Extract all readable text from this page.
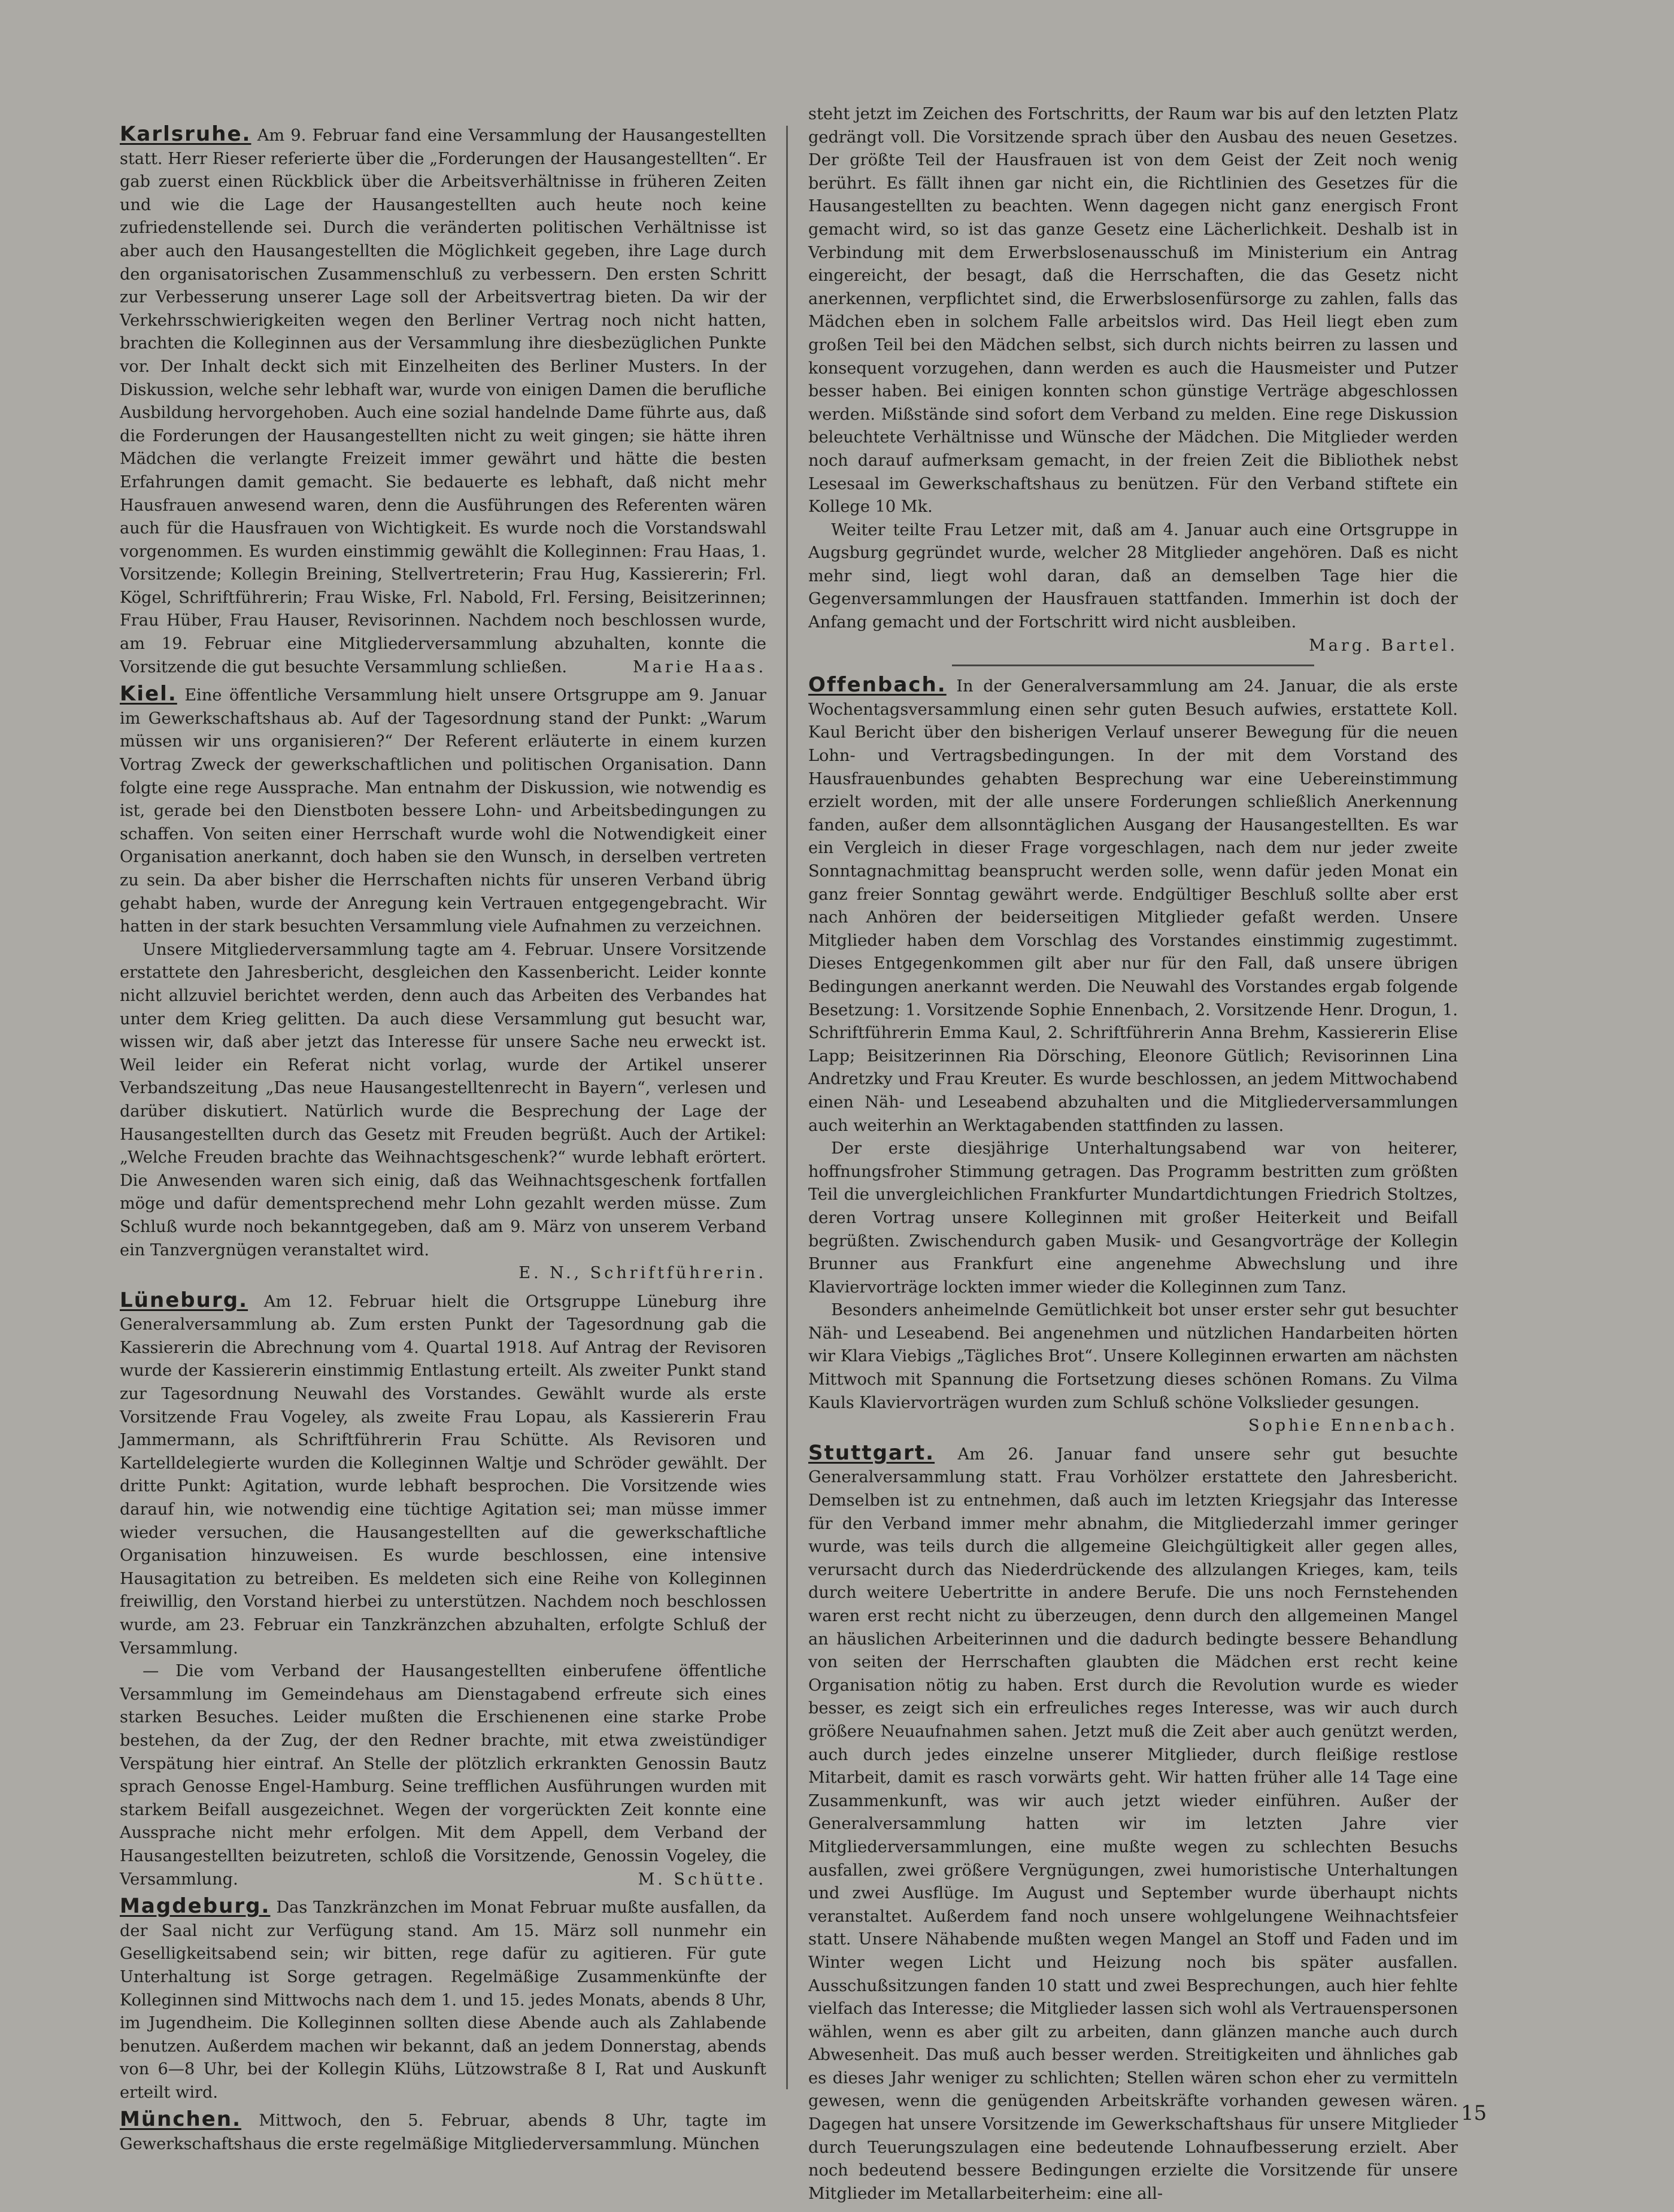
Karlsruhe. Am 9. Februar fand eine Versammlung der Hausangestellten statt. Herr Rieser referierte über die „Forderungen der Hausangestellten“. Er gab zuerst einen Rückblick über die Arbeitsverhältnisse in früheren Zeiten und wie die Lage der Hausangestellten auch heute noch keine zufriedenstellende sei. Durch die veränderten politischen Verhältnisse ist aber auch den Hausangestellten die Möglichkeit gegeben, ihre Lage durch den organisatorischen Zusammenschluß zu verbessern. Den ersten Schritt zur Verbesserung unserer Lage soll der Arbeitsvertrag bieten. Da wir der Verkehrsschwierigkeiten wegen den Berliner Vertrag noch nicht hatten, brachten die Kolleginnen aus der Versammlung ihre diesbezüglichen Punkte vor. Der Inhalt deckt sich mit Einzelheiten des Berliner Musters. In der Diskussion, welche sehr lebhaft war, wurde von einigen Damen die berufliche Ausbildung hervorgehoben. Auch eine sozial handelnde Dame führte aus, daß die Forderungen der Hausangestellten nicht zu weit gingen; sie hätte ihren Mädchen die verlangte Freizeit immer gewährt und hätte die besten Erfahrungen damit gemacht. Sie bedauerte es lebhaft, daß nicht mehr Hausfrauen anwesend waren, denn die Ausführungen des Referenten wären auch für die Hausfrauen von Wichtigkeit. Es wurde noch die Vorstandswahl vorgenommen. Es wurden einstimmig gewählt die Kolleginnen: Frau Haas, 1. Vorsitzende; Kollegin Breining, Stellvertreterin; Frau Hug, Kassiererin; Frl. Kögel, Schriftführerin; Frau Wiske, Frl. Nabold, Frl. Fersing, Beisitzerinnen; Frau Hüber, Frau Hauser, Revisorinnen. Nachdem noch beschlossen wurde, am 19. Februar eine Mitgliederversammlung abzuhalten, konnte die Vorsitzende die gut besuchte Versammlung schließen.	Marie Haas.

Kiel. Eine öffentliche Versammlung hielt unsere Ortsgruppe am 9. Januar im Gewerkschaftshaus ab. Auf der Tagesordnung stand der Punkt: „Warum müssen wir uns organisieren?“ Der Referent erläuterte in einem kurzen Vortrag Zweck der gewerkschaftlichen und politischen Organisation. Dann folgte eine rege Aussprache. Man entnahm der Diskussion, wie notwendig es ist, gerade bei den Dienstboten bessere Lohn- und Arbeitsbedingungen zu schaffen. Von seiten einer Herrschaft wurde wohl die Notwendigkeit einer Organisation anerkannt, doch haben sie den Wunsch, in derselben vertreten zu sein. Da aber bisher die Herrschaften nichts für unseren Verband übrig gehabt haben, wurde der Anregung kein Vertrauen entgegengebracht. Wir hatten in der stark besuchten Versammlung viele Aufnahmen zu verzeichnen.

Unsere Mitgliederversammlung tagte am 4. Februar. Unsere Vorsitzende erstattete den Jahresbericht, desgleichen den Kassenbericht. Leider konnte nicht allzuviel berichtet werden, denn auch das Arbeiten des Verbandes hat unter dem Krieg gelitten. Da auch diese Versammlung gut besucht war, wissen wir, daß aber jetzt das Interesse für unsere Sache neu erweckt ist. Weil leider ein Referat nicht vorlag, wurde der Artikel unserer Verbandszeitung „Das neue Hausangestelltenrecht in Bayern“, verlesen und darüber diskutiert. Natürlich wurde die Besprechung der Lage der Hausangestellten durch das Gesetz mit Freuden begrüßt. Auch der Artikel: „Welche Freuden brachte das Weihnachtsgeschenk?“ wurde lebhaft erörtert. Die Anwesenden waren sich einig, daß das Weihnachtsgeschenk fortfallen möge und dafür dementsprechend mehr Lohn gezahlt werden müsse. Zum Schluß wurde noch bekanntgegeben, daß am 9. März von unserem Verband ein Tanzvergnügen veranstaltet wird.

E. N., Schriftführerin.

Lüneburg. Am 12. Februar hielt die Ortsgruppe Lüneburg ihre Generalversammlung ab. Zum ersten Punkt der Tagesordnung gab die Kassiererin die Abrechnung vom 4. Quartal 1918. Auf Antrag der Revisoren wurde der Kassiererin einstimmig Entlastung erteilt. Als zweiter Punkt stand zur Tagesordnung Neuwahl des Vorstandes. Gewählt wurde als erste Vorsitzende Frau Vogeley, als zweite Frau Lopau, als Kassiererin Frau Jammermann, als Schriftführerin Frau Schütte. Als Revisoren und Kartelldelegierte wurden die Kolleginnen Waltje und Schröder gewählt. Der dritte Punkt: Agitation, wurde lebhaft besprochen. Die Vorsitzende wies darauf hin, wie notwendig eine tüchtige Agitation sei; man müsse immer wieder versuchen, die Hausangestellten auf die gewerkschaftliche Organisation hinzuweisen. Es wurde beschlossen, eine intensive Hausagitation zu betreiben. Es meldeten sich eine Reihe von Kolleginnen freiwillig, den Vorstand hierbei zu unterstützen. Nachdem noch beschlossen wurde, am 23. Februar ein Tanzkränzchen abzuhalten, erfolgte Schluß der Versammlung.

— Die vom Verband der Hausangestellten einberufene öffentliche Versammlung im Gemeindehaus am Dienstagabend erfreute sich eines starken Besuches. Leider mußten die Erschienenen eine starke Probe bestehen, da der Zug, der den Redner brachte, mit etwa zweistündiger Verspätung hier eintraf. An Stelle der plötzlich erkrankten Genossin Bautz sprach Genosse Engel-Hamburg. Seine trefflichen Ausführungen wurden mit starkem Beifall ausgezeichnet. Wegen der vorgerückten Zeit konnte eine Aussprache nicht mehr erfolgen. Mit dem Appell, dem Verband der Hausangestellten beizutreten, schloß die Vorsitzende, Genossin Vogeley, die Versammlung.	M. Schütte.

Magdeburg. Das Tanzkränzchen im Monat Februar mußte ausfallen, da der Saal nicht zur Verfügung stand. Am 15. März soll nunmehr ein Geselligkeitsabend sein; wir bitten, rege dafür zu agitieren. Für gute Unterhaltung ist Sorge getragen. Regelmäßige Zusammenkünfte der Kolleginnen sind Mittwochs nach dem 1. und 15. jedes Monats, abends 8 Uhr, im Jugendheim. Die Kolleginnen sollten diese Abende auch als Zahlabende benutzen. Außerdem machen wir bekannt, daß an jedem Donnerstag, abends von 6—8 Uhr, bei der Kollegin Klühs, Lützowstraße 8 I, Rat und Auskunft erteilt wird.

München. Mittwoch, den 5. Februar, abends 8 Uhr, tagte im Gewerkschaftshaus die erste regelmäßige Mitgliederversammlung. München

steht jetzt im Zeichen des Fortschritts, der Raum war bis auf den letzten Platz gedrängt voll. Die Vorsitzende sprach über den Ausbau des neuen Gesetzes. Der größte Teil der Hausfrauen ist von dem Geist der Zeit noch wenig berührt. Es fällt ihnen gar nicht ein, die Richtlinien des Gesetzes für die Hausangestellten zu beachten. Wenn dagegen nicht ganz energisch Front gemacht wird, so ist das ganze Gesetz eine Lächerlichkeit. Deshalb ist in Verbindung mit dem Erwerbslosenausschuß im Ministerium ein Antrag eingereicht, der besagt, daß die Herrschaften, die das Gesetz nicht anerkennen, verpflichtet sind, die Erwerbslosenfürsorge zu zahlen, falls das Mädchen eben in solchem Falle arbeitslos wird. Das Heil liegt eben zum großen Teil bei den Mädchen selbst, sich durch nichts beirren zu lassen und konsequent vorzugehen, dann werden es auch die Hausmeister und Putzer besser haben. Bei einigen konnten schon günstige Verträge abgeschlossen werden. Mißstände sind sofort dem Verband zu melden. Eine rege Diskussion beleuchtete Verhältnisse und Wünsche der Mädchen. Die Mitglieder werden noch darauf aufmerksam gemacht, in der freien Zeit die Bibliothek nebst Lesesaal im Gewerkschaftshaus zu benützen. Für den Verband stiftete ein Kollege 10 Mk.

Weiter teilte Frau Letzer mit, daß am 4. Januar auch eine Ortsgruppe in Augsburg gegründet wurde, welcher 28 Mitglieder angehören. Daß es nicht mehr sind, liegt wohl daran, daß an demselben Tage hier die Gegenversammlungen der Hausfrauen stattfanden. Immerhin ist doch der Anfang gemacht und der Fortschritt wird nicht ausbleiben.

Marg. Bartel.

Offenbach. In der Generalversammlung am 24. Januar, die als erste Wochentagsversammlung einen sehr guten Besuch aufwies, erstattete Koll. Kaul Bericht über den bisherigen Verlauf unserer Bewegung für die neuen Lohn- und Vertragsbedingungen. In der mit dem Vorstand des Hausfrauenbundes gehabten Besprechung war eine Uebereinstimmung erzielt worden, mit der alle unsere Forderungen schließlich Anerkennung fanden, außer dem allsonntäglichen Ausgang der Hausangestellten. Es war ein Vergleich in dieser Frage vorgeschlagen, nach dem nur jeder zweite Sonntagnachmittag beansprucht werden solle, wenn dafür jeden Monat ein ganz freier Sonntag gewährt werde. Endgültiger Beschluß sollte aber erst nach Anhören der beiderseitigen Mitglieder gefaßt werden. Unsere Mitglieder haben dem Vorschlag des Vorstandes einstimmig zugestimmt. Dieses Entgegenkommen gilt aber nur für den Fall, daß unsere übrigen Bedingungen anerkannt werden. Die Neuwahl des Vorstandes ergab folgende Besetzung: 1. Vorsitzende Sophie Ennenbach, 2. Vorsitzende Henr. Drogun, 1. Schriftführerin Emma Kaul, 2. Schriftführerin Anna Brehm, Kassiererin Elise Lapp; Beisitzerinnen Ria Dörsching, Eleonore Gütlich; Revisorinnen Lina Andretzky und Frau Kreuter. Es wurde beschlossen, an jedem Mittwochabend einen Näh- und Leseabend abzuhalten und die Mitgliederversammlungen auch weiterhin an Werktagabenden stattfinden zu lassen.

Der erste diesjährige Unterhaltungsabend war von heiterer, hoffnungsfroher Stimmung getragen. Das Programm bestritten zum größten Teil die unvergleichlichen Frankfurter Mundartdichtungen Friedrich Stoltzes, deren Vortrag unsere Kolleginnen mit großer Heiterkeit und Beifall begrüßten. Zwischendurch gaben Musik- und Gesangvorträge der Kollegin Brunner aus Frankfurt eine angenehme Abwechslung und ihre Klaviervorträge lockten immer wieder die Kolleginnen zum Tanz.

Besonders anheimelnde Gemütlichkeit bot unser erster sehr gut besuchter Näh- und Leseabend. Bei angenehmen und nützlichen Handarbeiten hörten wir Klara Viebigs „Tägliches Brot“. Unsere Kolleginnen erwarten am nächsten Mittwoch mit Spannung die Fortsetzung dieses schönen Romans. Zu Vilma Kauls Klaviervorträgen wurden zum Schluß schöne Volkslieder gesungen.
Sophie Ennenbach.

Stuttgart. Am 26. Januar fand unsere sehr gut besuchte Generalversammlung statt. Frau Vorhölzer erstattete den Jahresbericht. Demselben ist zu entnehmen, daß auch im letzten Kriegsjahr das Interesse für den Verband immer mehr abnahm, die Mitgliederzahl immer geringer wurde, was teils durch die allgemeine Gleichgültigkeit aller gegen alles, verursacht durch das Niederdrückende des allzulangen Krieges, kam, teils durch weitere Uebertritte in andere Berufe. Die uns noch Fernstehenden waren erst recht nicht zu überzeugen, denn durch den allgemeinen Mangel an häuslichen Arbeiterinnen und die dadurch bedingte bessere Behandlung von seiten der Herrschaften glaubten die Mädchen erst recht keine Organisation nötig zu haben. Erst durch die Revolution wurde es wieder besser, es zeigt sich ein erfreuliches reges Interesse, was wir auch durch größere Neuaufnahmen sahen. Jetzt muß die Zeit aber auch genützt werden, auch durch jedes einzelne unserer Mitglieder, durch fleißige restlose Mitarbeit, damit es rasch vorwärts geht. Wir hatten früher alle 14 Tage eine Zusammenkunft, was wir auch jetzt wieder einführen. Außer der Generalversammlung hatten wir im letzten Jahre vier Mitgliederversammlungen, eine mußte wegen zu schlechten Besuchs ausfallen, zwei größere Vergnügungen, zwei humoristische Unterhaltungen und zwei Ausflüge. Im August und September wurde überhaupt nichts veranstaltet. Außerdem fand noch unsere wohlgelungene Weihnachtsfeier statt. Unsere Nähabende mußten wegen Mangel an Stoff und Faden und im Winter wegen Licht und Heizung noch bis später ausfallen. Ausschußsitzungen fanden 10 statt und zwei Besprechungen, auch hier fehlte vielfach das Interesse; die Mitglieder lassen sich wohl als Vertrauenspersonen wählen, wenn es aber gilt zu arbeiten, dann glänzen manche auch durch Abwesenheit. Das muß auch besser werden. Streitigkeiten und ähnliches gab es dieses Jahr weniger zu schlichten; Stellen wären schon eher zu vermitteln gewesen, wenn die genügenden Arbeitskräfte vorhanden gewesen wären. Dagegen hat unsere Vorsitzende im Gewerkschaftshaus für unsere Mitglieder durch Teuerungszulagen eine bedeutende Lohnaufbesserung erzielt. Aber noch bedeutend bessere Bedingungen erzielte die Vorsitzende für unsere Mitglieder im Metallarbeiterheim: eine all-

15
